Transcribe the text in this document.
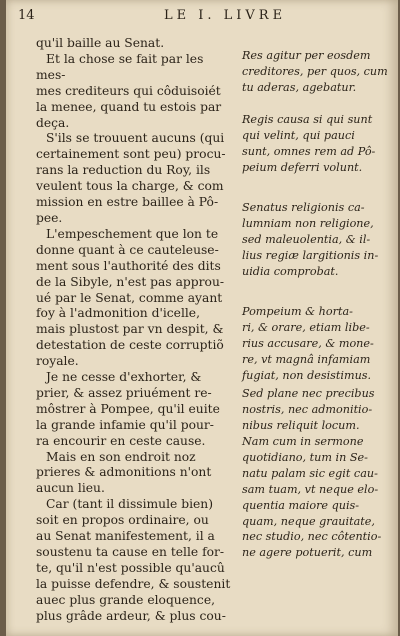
14	LE I. LIVRE

qu'il baille au Senat.

Et la chose se fait par les mes-
mes crediteurs qui côduisoiét
la menee, quand tu estois par
deça.

S'ils se trouuent aucuns (qui
certainement sont peu) procu-
rans la reduction du Roy, ils
veulent tous la charge, & com
mission en estre baillee à Pô-
pee.

L'empeschement que lon te
donne quant à ce cauteleuse-
ment sous l'authorité des dits
de la Sibyle, n'est pas approu-
ué par le Senat, comme ayant
foy à l'admonition d'icelle,
mais plustost par vn despit, &
detestation de ceste corruptiõ
royale.

Je ne cesse d'exhorter, &
prier, & assez priuément re-
môstrer à Pompee, qu'il euite
la grande infamie qu'il pour-
ra encourir en ceste cause.

Mais en son endroit noz
prieres & admonitions n'ont
aucun lieu.

Car (tant il dissimule bien)
soit en propos ordinaire, ou
au Senat manifestement, il a
soustenu ta cause en telle for-
te, qu'il n'est possible qu'aucû
la puisse defendre, & soustenit
auec plus grande eloquence,
plus grâde ardeur, & plus cou-

Res agitur per eosdem
creditores, per quos, cum
tu aderas, agebatur.
Regis causa si qui sunt
qui velint, qui pauci
sunt, omnes rem ad Pô-
peium deferri volunt.
Senatus religionis ca-
lumniam non religione,
sed maleuolentia, & il-
lius regiæ largitionis in-
uidia comprobat.
Pompeium & horta-
ri, & orare, etiam libe-
rius accusare, & mone-
re, vt magnâ infamiam
fugiat, non desistimus.
Sed plane nec precibus
nostris, nec admonitio-
nibus reliquit locum.
Nam cum in sermone
quotidiano, tum in Se-
natu palam sic egit cau-
sam tuam, vt neque elo-
quentia maiore quis-
quam, neque grauitate,
nec studio, nec côtentio-
ne agere potuerit, cum
